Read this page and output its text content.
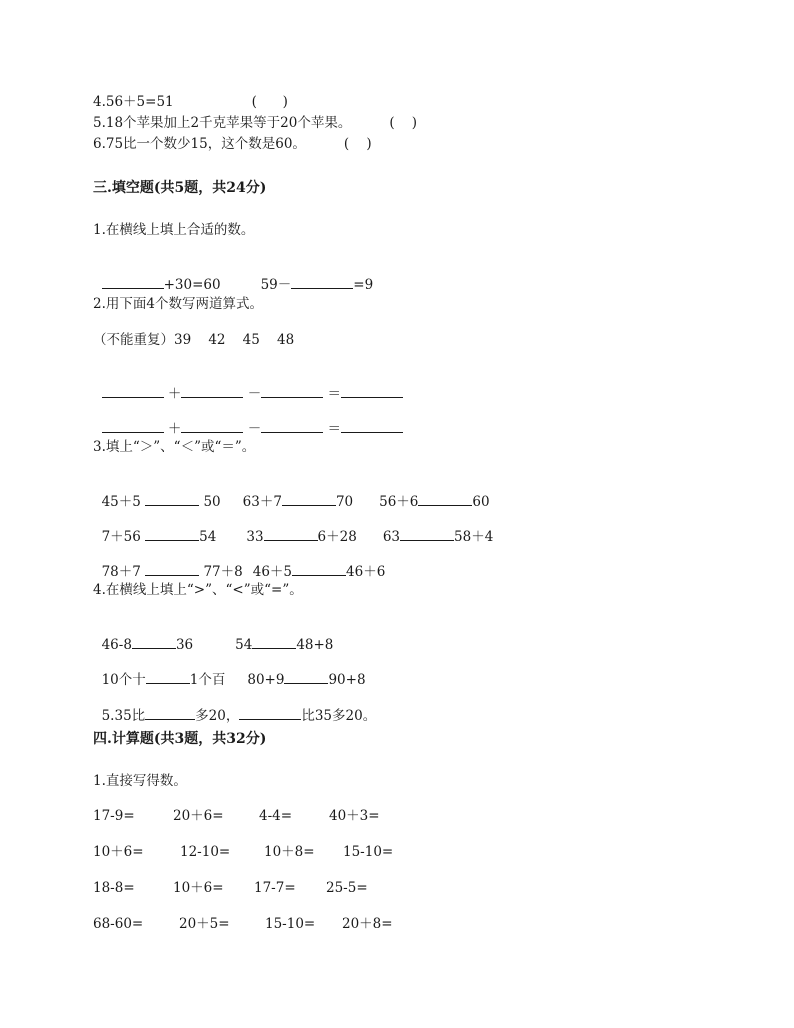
4.56＋5=51	(      )
5.18个苹果加上2千克苹果等于20个苹果。	(    )
6.75比一个数少15，这个数是60。	(    )
三.填空题(共5题，共24分)
1.在横线上填上合适的数。

+30=60	59－	=9

2.用下面4个数写两道算式。
（不能重复）39    42    45    48

＋	－	＝

＋	－	＝

3.填上“＞”、“＜”或“＝”。

45＋5	50 63＋7	70 56＋6	60

7＋56	54 33	6＋28 63	58＋4

78＋7	77＋8 46＋5	46＋6

4.在横线上填上“>”、“<”或“=”。

46-8	36	54	48+8

10个十	1个百 80+9	90+8

5.35比	多20，	比35多20。

四.计算题(共3题，共32分)
1.直接写得数。
17-9=	20＋6=	4-4=	40＋3=
10＋6=	12-10=	10＋8= 15-10=
18-8=	10＋6= 17-7= 25-5=
68-60=	20＋5=	15-10= 20＋8=
